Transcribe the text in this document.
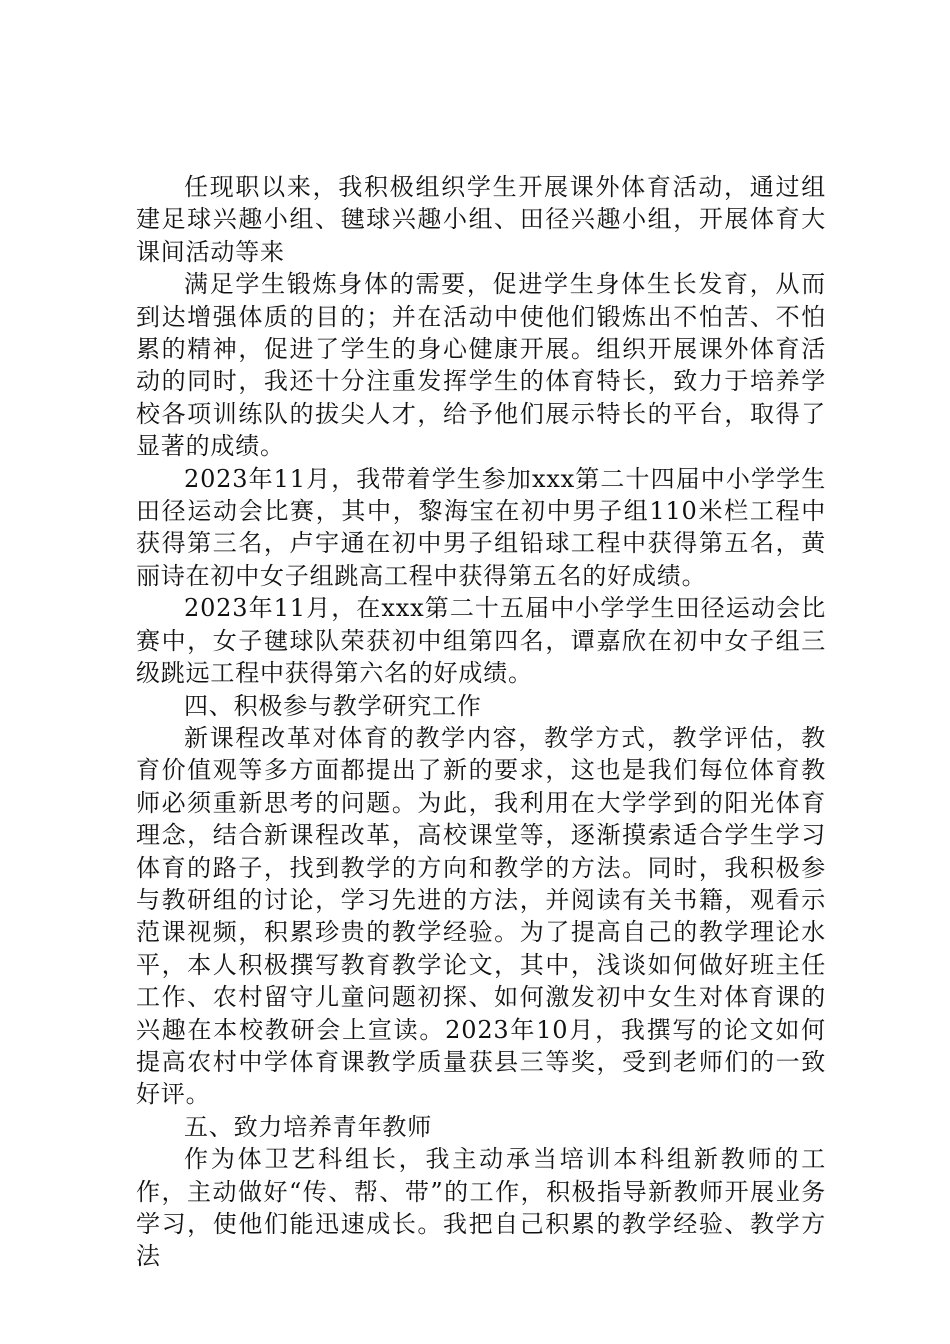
任现职以来，我积极组织学生开展课外体育活动，通过组建足球兴趣小组、毽球兴趣小组、田径兴趣小组，开展体育大课间活动等来

满足学生锻炼身体的需要，促进学生身体生长发育，从而到达增强体质的目的；并在活动中使他们锻炼出不怕苦、不怕累的精神，促进了学生的身心健康开展。组织开展课外体育活动的同时，我还十分注重发挥学生的体育特长，致力于培养学校各项训练队的拔尖人才，给予他们展示特长的平台，取得了显著的成绩。

2023年11月，我带着学生参加xxx第二十四届中小学学生田径运动会比赛，其中，黎海宝在初中男子组110米栏工程中获得第三名，卢宇通在初中男子组铅球工程中获得第五名，黄丽诗在初中女子组跳高工程中获得第五名的好成绩。

2023年11月，在xxx第二十五届中小学学生田径运动会比赛中，女子毽球队荣获初中组第四名，谭嘉欣在初中女子组三级跳远工程中获得第六名的好成绩。

四、积极参与教学研究工作

新课程改革对体育的教学内容，教学方式，教学评估，教育价值观等多方面都提出了新的要求，这也是我们每位体育教师必须重新思考的问题。为此，我利用在大学学到的阳光体育理念，结合新课程改革，高校课堂等，逐渐摸索适合学生学习体育的路子，找到教学的方向和教学的方法。同时，我积极参与教研组的讨论，学习先进的方法，并阅读有关书籍，观看示范课视频，积累珍贵的教学经验。为了提高自己的教学理论水平，本人积极撰写教育教学论文，其中，浅谈如何做好班主任工作、农村留守儿童问题初探、如何激发初中女生对体育课的兴趣在本校教研会上宣读。2023年10月，我撰写的论文如何提高农村中学体育课教学质量获县三等奖，受到老师们的一致好评。

五、致力培养青年教师

作为体卫艺科组长，我主动承当培训本科组新教师的工作，主动做好“传、帮、带”的工作，积极指导新教师开展业务学习，使他们能迅速成长。我把自己积累的教学经验、教学方法
